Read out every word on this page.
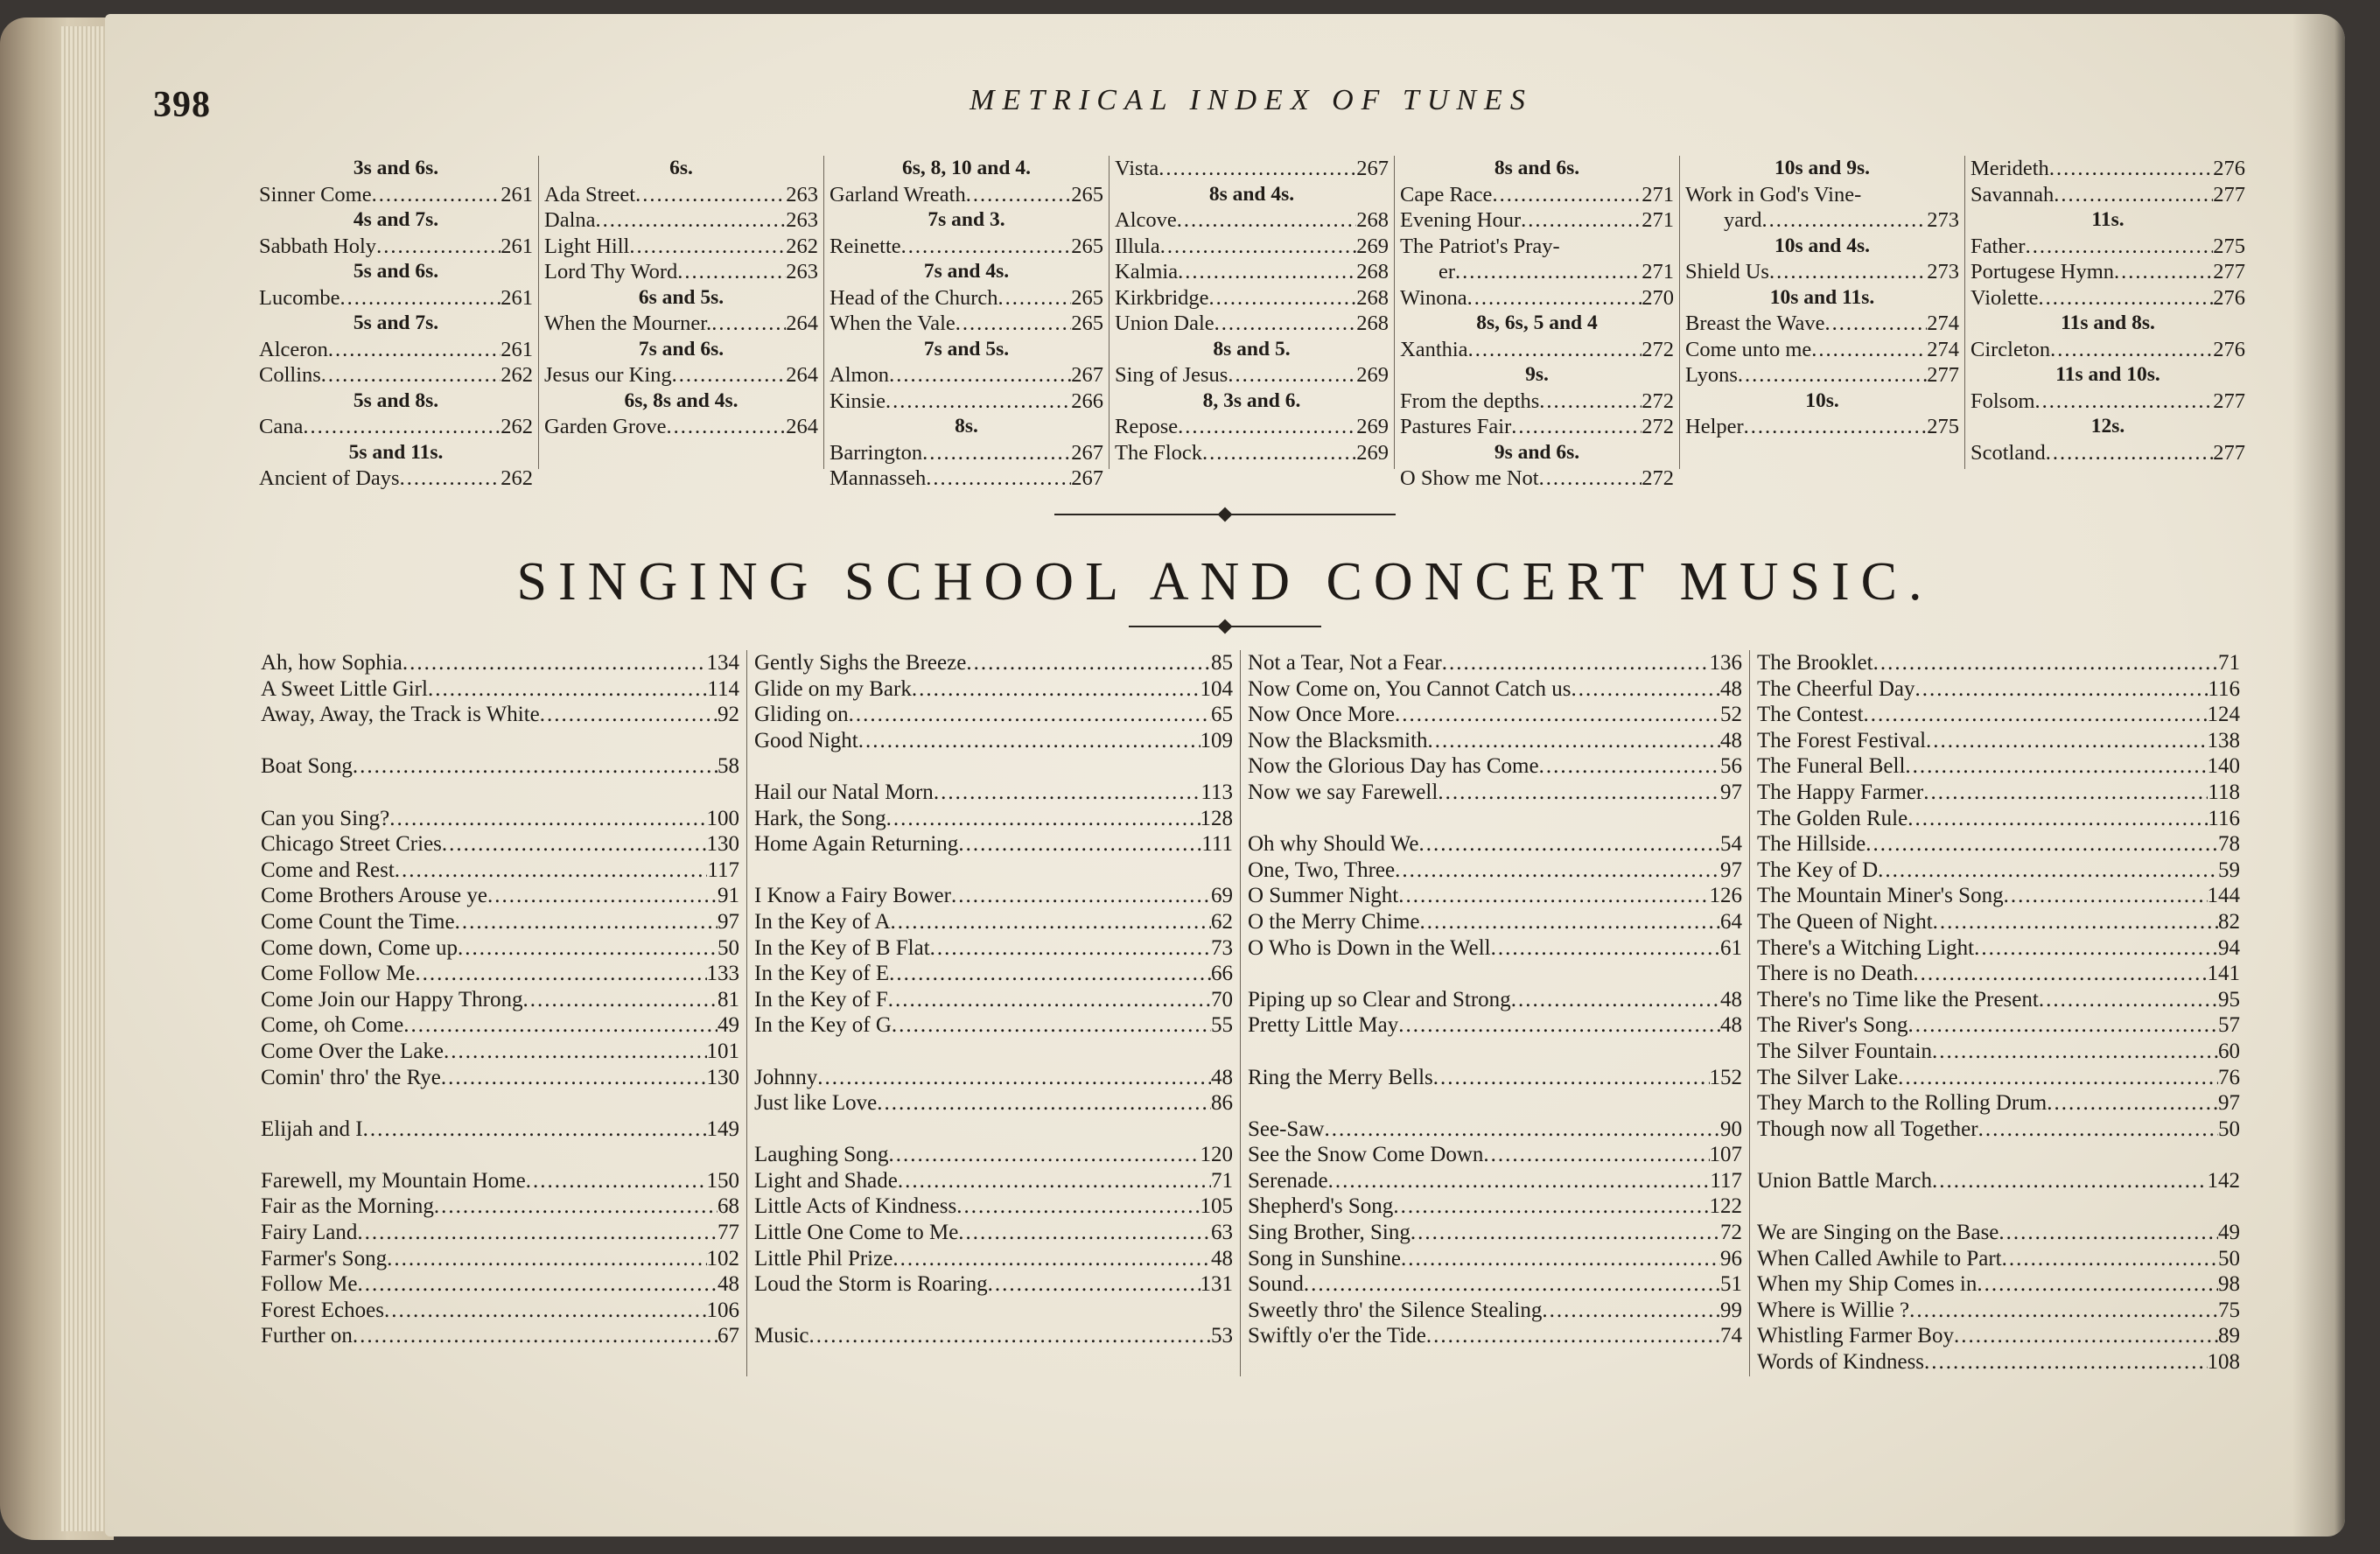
398	METRICAL INDEX OF TUNES
3s and 6s.
Sinner Come .....	261
4s and 7s.
Sabbath Holy .....	261
5s and 6s.
Lucombe .....	261
5s and 7s.
Alceron .....	261
Collins .....	262
5s and 8s.
Cana .....	262
5s and 11s.
Ancient of Days .....	262
6s.
Ada Street .....	263
Dalna .....	263
Light Hill .....	262
Lord Thy Word .....	263
6s and 5s.
When the Mourner. .....	264
7s and 6s.
Jesus our King .....	264
6s, 8s and 4s.
Garden Grove .....	264
6s, 8, 10 and 4.
Garland Wreath .....	265
7s and 3.
Reinette .....	265
7s and 4s.
Head of the Church .....	265
When the Vale .....	265
7s and 5s.
Almon .....	267
Kinsie .....	266
8s.
Barrington .....	267
Mannasseh .....	267
Vista .....	267
8s and 4s.
Alcove .....	268
Illula .....	269
Kalmia .....	268
Kirkbridge .....	268
Union Dale .....	268
8s and 5.
Sing of Jesus .....	269
8, 3s and 6.
Repose .....	269
The Flock .....	269
8s and 6s.
Cape Race .....	271
Evening Hour .....	271
The Patriot's Pray-
er .....	271
Winona .....	270
8s, 6s, 5 and 4
Xanthia .....	272
9s.
From the depths .....	272
Pastures Fair .....	272
9s and 6s.
O Show me Not .....	272
10s and 9s.
Work in God's Vine-
yard .....	273
10s and 4s.
Shield Us .....	273
10s and 11s.
Breast the Wave .....	274
Come unto me .....	274
Lyons .....	277
10s.
Helper .....	275
Merideth .....	276
Savannah .....	277
11s.
Father .....	275
Portugese Hymn .....	277
Violette .....	276
11s and 8s.
Circleton .....	276
11s and 10s.
Folsom .....	277
12s.
Scotland .....	277
SINGING SCHOOL AND CONCERT MUSIC.
Ah, how Sophia .....	134
A Sweet Little Girl .....	114
Away, Away, the Track is White .....	92
Boat Song .....	58
Can you Sing? .....	100
Chicago Street Cries .....	130
Come and Rest .....	117
Come Brothers Arouse ye .....	91
Come Count the Time .....	97
Come down, Come up .....	50
Come Follow Me .....	133
Come Join our Happy Throng .....	81
Come, oh Come .....	49
Come Over the Lake .....	101
Comin' thro' the Rye .....	130
Elijah and I .....	149
Farewell, my Mountain Home .....	150
Fair as the Morning .....	68
Fairy Land .....	77
Farmer's Song .....	102
Follow Me .....	48
Forest Echoes .....	106
Further on .....	67
Gently Sighs the Breeze .....	85
Glide on my Bark .....	104
Gliding on .....	65
Good Night .....	109
Hail our Natal Morn .....	113
Hark, the Song .....	128
Home Again Returning .....	111
I Know a Fairy Bower .....	69
In the Key of A .....	62
In the Key of B Flat .....	73
In the Key of E .....	66
In the Key of F .....	70
In the Key of G .....	55
Johnny .....	48
Just like Love .....	86
Laughing Song .....	120
Light and Shade .....	71
Little Acts of Kindness .....	105
Little One Come to Me .....	63
Little Phil Prize .....	48
Loud the Storm is Roaring .....	131
Music .....	53
Not a Tear, Not a Fear .....	136
Now Come on, You Cannot Catch us .....	48
Now Once More .....	52
Now the Blacksmith .....	48
Now the Glorious Day has Come .....	56
Now we say Farewell .....	97
Oh why Should We .....	54
One, Two, Three .....	97
O Summer Night .....	126
O the Merry Chime .....	64
O Who is Down in the Well .....	61
Piping up so Clear and Strong .....	48
Pretty Little May .....	48
Ring the Merry Bells .....	152
See-Saw .....	90
See the Snow Come Down .....	107
Serenade .....	117
Shepherd's Song .....	122
Sing Brother, Sing .....	72
Song in Sunshine .....	96
Sound .....	51
Sweetly thro' the Silence Stealing .....	99
Swiftly o'er the Tide .....	74
The Brooklet .....	71
The Cheerful Day .....	116
The Contest .....	124
The Forest Festival .....	138
The Funeral Bell .....	140
The Happy Farmer .....	118
The Golden Rule .....	116
The Hillside .....	78
The Key of D .....	59
The Mountain Miner's Song .....	144
The Queen of Night .....	82
There's a Witching Light .....	94
There is no Death .....	141
There's no Time like the Present .....	95
The River's Song .....	57
The Silver Fountain .....	60
The Silver Lake .....	76
They March to the Rolling Drum .....	97
Though now all Together .....	50
Union Battle March .....	142
We are Singing on the Base .....	49
When Called Awhile to Part .....	50
When my Ship Comes in .....	98
Where is Willie ? .....	75
Whistling Farmer Boy .....	89
Words of Kindness .....	108
